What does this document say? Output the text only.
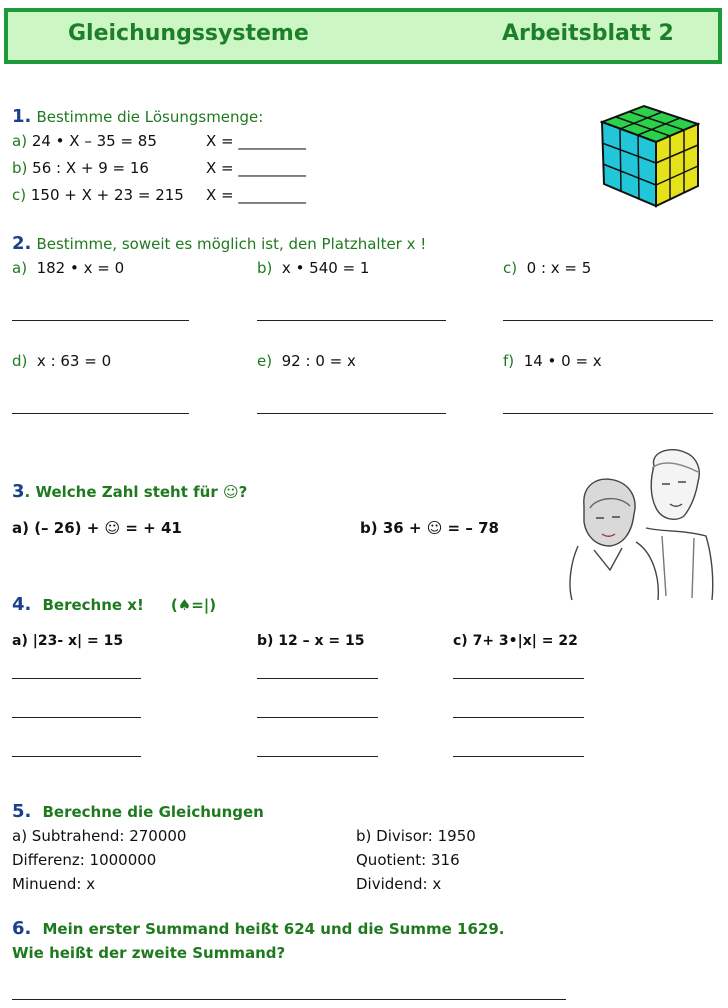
Gleichungssysteme	Arbeitsblatt 2
1. Bestimme die Lösungsmenge:
a) 24 • X – 35 = 85	X = _________
b) 56 : X + 9 = 16	X = _________
c) 150 + X + 23 = 215 X = _________
2. Bestimme, soweit es möglich ist, den Platzhalter x !
a) 182 • x = 0	b) x • 540 = 1	c) 0 : x = 5
d) x : 63 = 0	e) 92 : 0 = x	f) 14 • 0 = x
3. Welche Zahl steht für ☺?
a) (– 26) + ☺ = + 41	b) 36 + ☺ = – 78
4. Berechne x! (♠=|)
a) |23- x| = 15	b) 12 – x = 15	c) 7+ 3•|x| = 22
5. Berechne die Gleichungen
a) Subtrahend: 270000
Differenz: 1000000
Minuend: x
b) Divisor: 1950
Quotient: 316
Dividend: x
6. Mein erster Summand heißt 624 und die Summe 1629.
Wie heißt der zweite Summand?
